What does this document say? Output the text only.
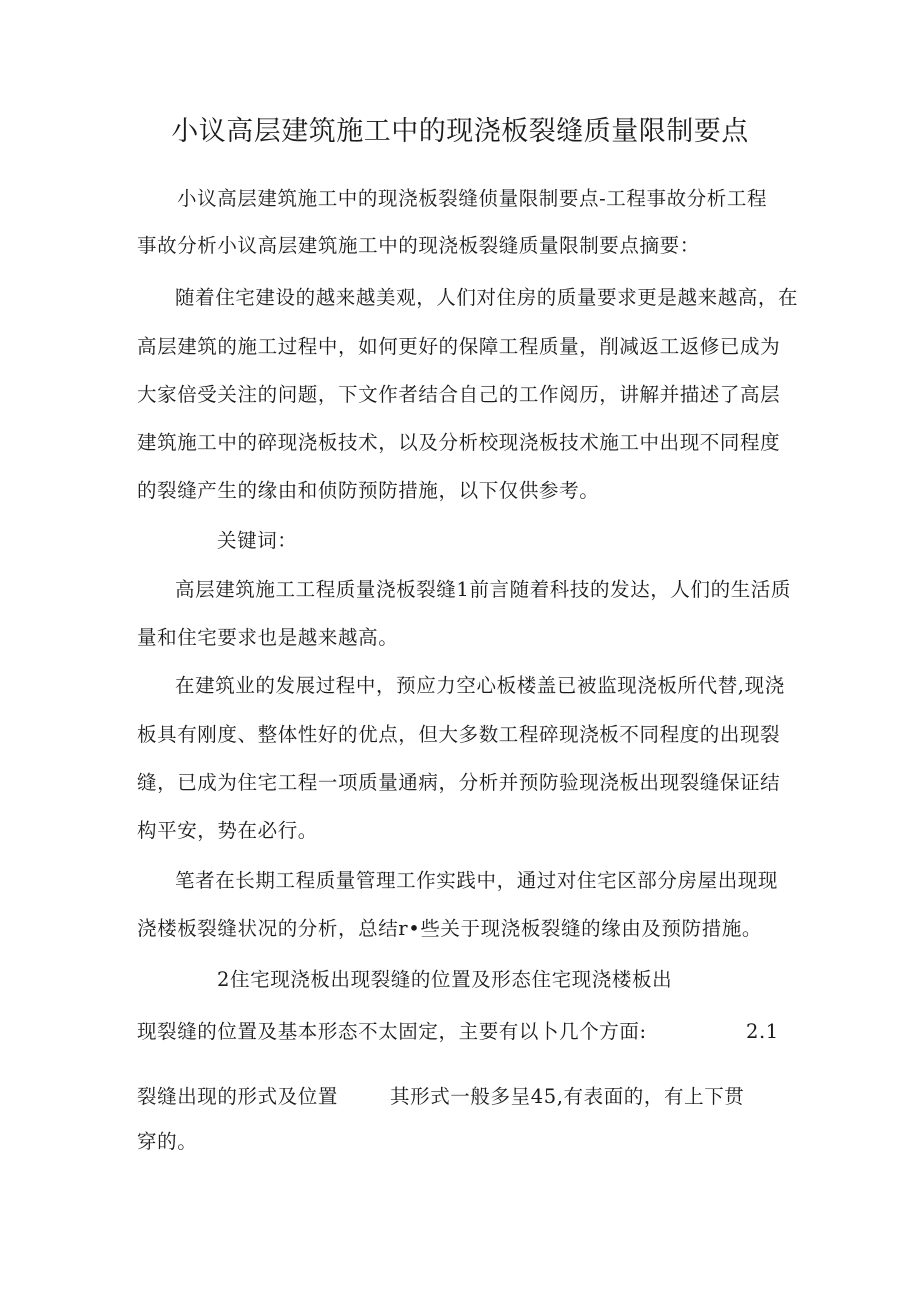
小议高层建筑施工中的现浇板裂缝质量限制要点
小议高层建筑施工中的现浇板裂缝侦量限制要点-工程事故分析工程
事故分析小议高层建筑施工中的现浇板裂缝质量限制要点摘要：
随着住宅建设的越来越美观，人们对住房的质量要求更是越来越高，在
高层建筑的施工过程中，如何更好的保障工程质量，削减返工返修已成为
大家倍受关注的问题，下文作者结合自己的工作阅历，讲解并描述了高层
建筑施工中的碎现浇板技术，以及分析校现浇板技术施工中出现不同程度
的裂缝产生的缘由和侦防预防措施，以下仅供参考。
关键词：
高层建筑施工工程质量浇板裂缝1前言随着科技的发达，人们的生活质
量和住宅要求也是越来越高。
在建筑业的发展过程中，预应力空心板楼盖已被监现浇板所代替,现浇
板具有刚度、整体性好的优点，但大多数工程碎现浇板不同程度的出现裂
缝，已成为住宅工程一项质量通病，分析并预防验现浇板出现裂缝保证结
构平安，势在必行。
笔者在长期工程质量管理工作实践中，通过对住宅区部分房屋出现现
浇楼板裂缝状况的分析，总结r•些关于现浇板裂缝的缘由及预防措施。
2住宅现浇板出现裂缝的位置及形态住宅现浇楼板出
现裂缝的位置及基本形态不太固定，主要有以卜几个方面:	2.1
裂缝出现的形式及位置	其形式一般多呈45,有表面的，有上下贯
穿的。
